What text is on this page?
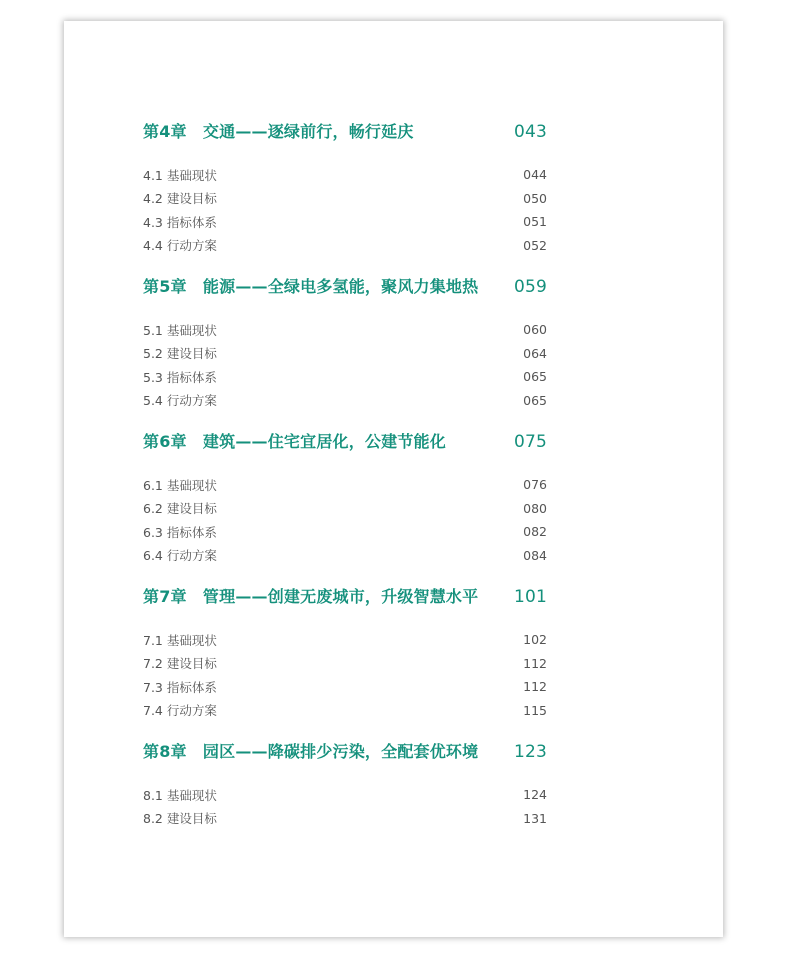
第4章　交通——逐绿前行，畅行延庆	043
4.1 基础现状	044
4.2 建设目标	050
4.3 指标体系	051
4.4 行动方案	052
第5章　能源——全绿电多氢能，聚风力集地热 059
5.1 基础现状	060
5.2 建设目标	064
5.3 指标体系	065
5.4 行动方案	065
第6章　建筑——住宅宜居化，公建节能化	075
6.1 基础现状	076
6.2 建设目标	080
6.3 指标体系	082
6.4 行动方案	084
第7章　管理——创建无废城市，升级智慧水平 101
7.1 基础现状	102
7.2 建设目标	112
7.3 指标体系	112
7.4 行动方案	115
第8章　园区——降碳排少污染，全配套优环境 123
8.1 基础现状	124
8.2 建设目标	131
